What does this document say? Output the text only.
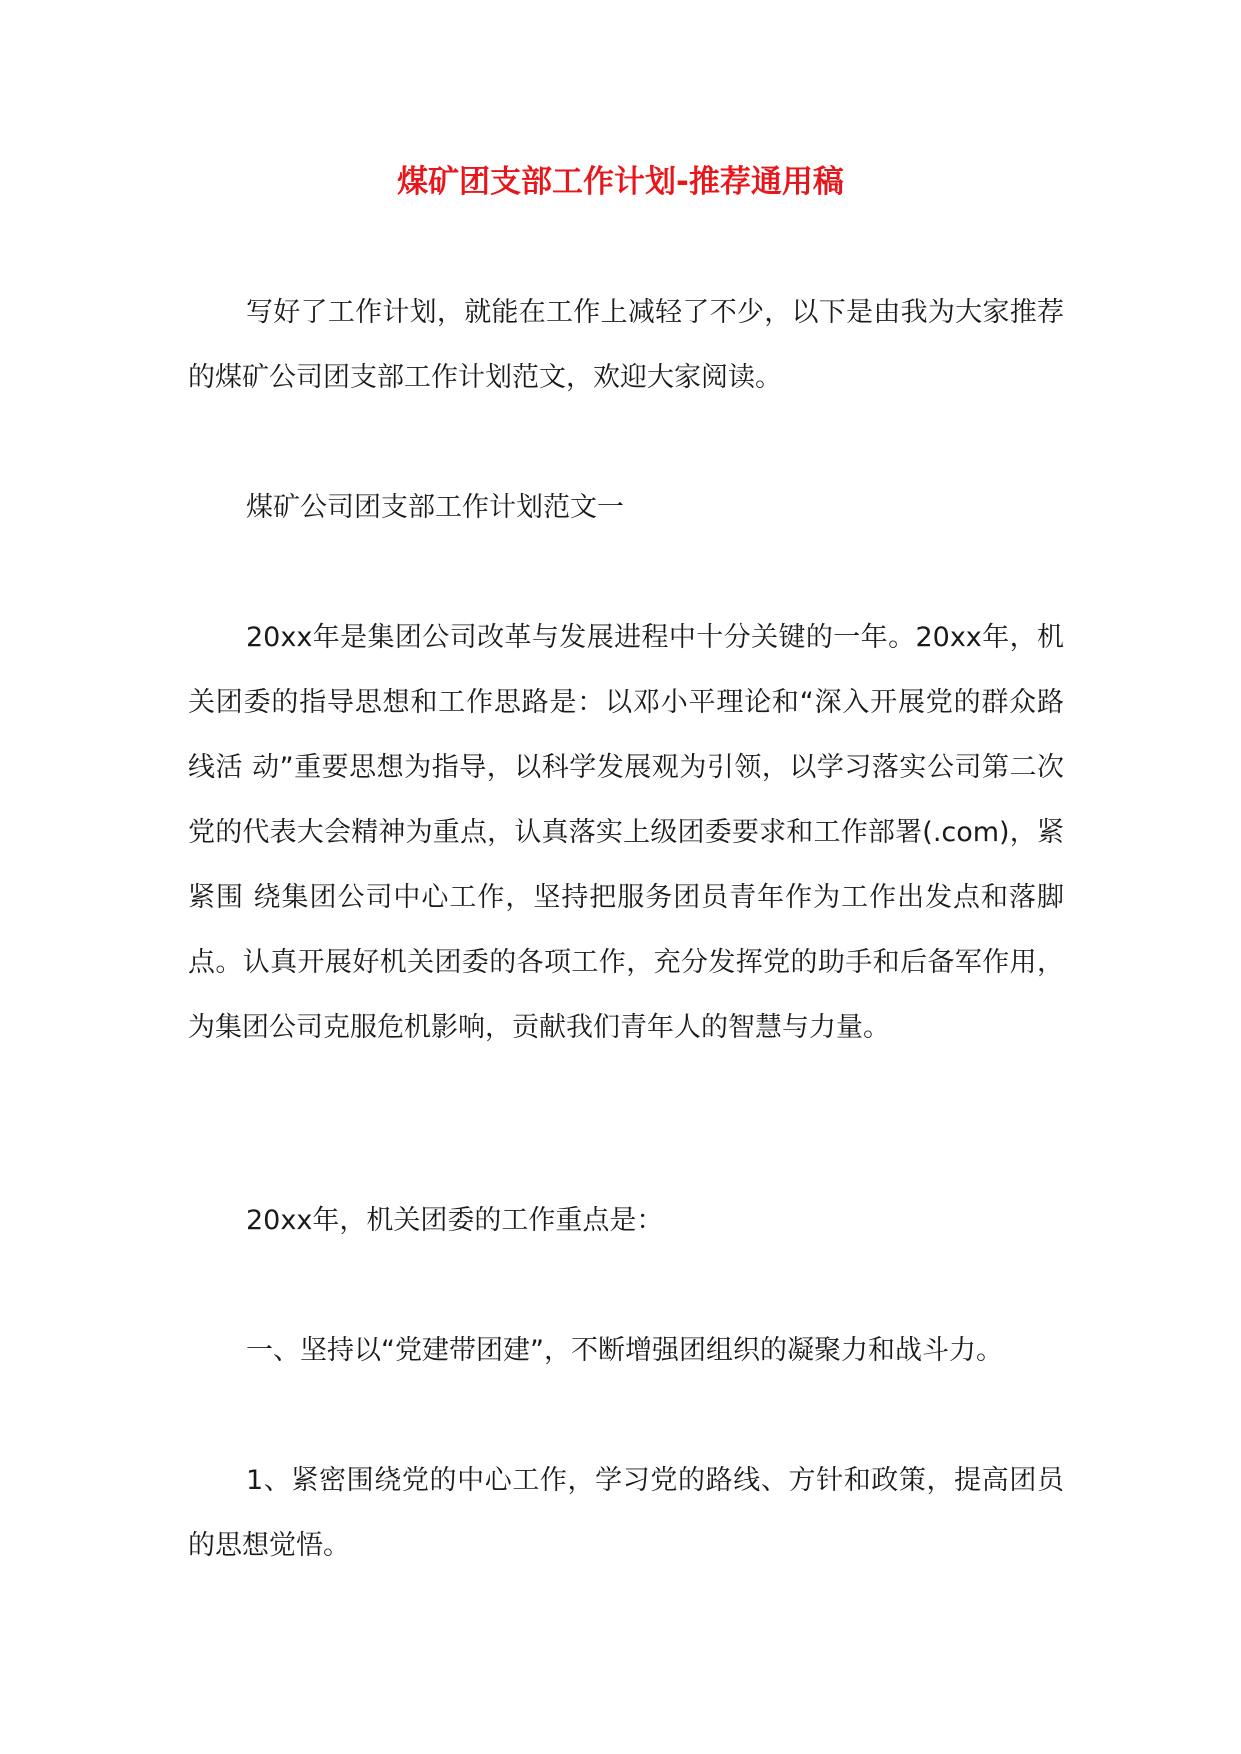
煤矿团支部工作计划-推荐通用稿

写好了工作计划，就能在工作上减轻了不少，以下是由我为大家推荐的煤矿公司团支部工作计划范文，欢迎大家阅读。

煤矿公司团支部工作计划范文一

20xx年是集团公司改革与发展进程中十分关键的一年。20xx年，机关团委的指导思想和工作思路是：以邓小平理论和“深入开展党的群众路线活 动”重要思想为指导，以科学发展观为引领，以学习落实公司第二次党的代表大会精神为重点，认真落实上级团委要求和工作部署(.com)，紧紧围 绕集团公司中心工作，坚持把服务团员青年作为工作出发点和落脚点。认真开展好机关团委的各项工作，充分发挥党的助手和后备军作用，为集团公司克服危机影响，贡献我们青年人的智慧与力量。

20xx年，机关团委的工作重点是：

一、坚持以“党建带团建”，不断增强团组织的凝聚力和战斗力。

1、紧密围绕党的中心工作，学习党的路线、方针和政策，提高团员的思想觉悟。
